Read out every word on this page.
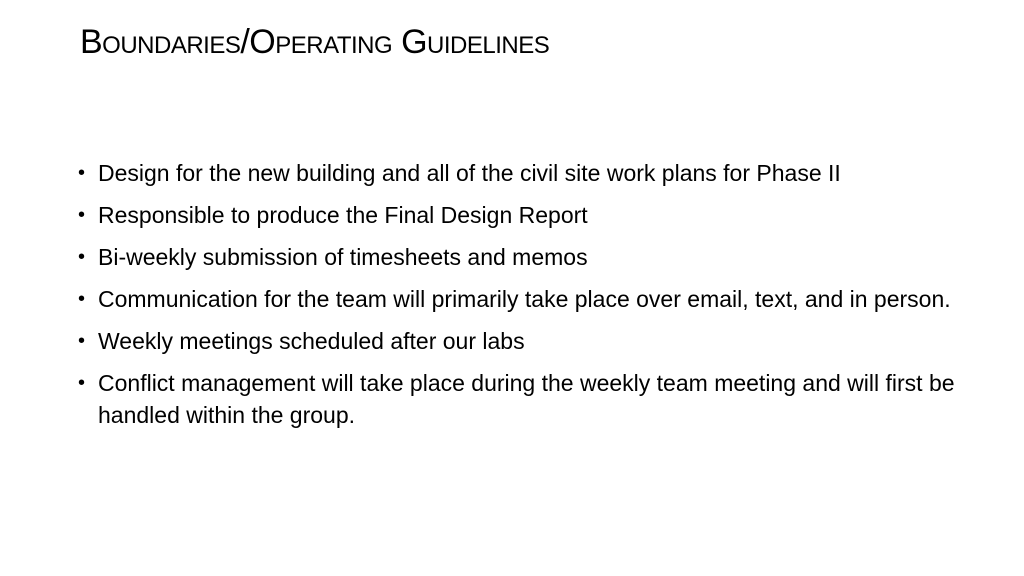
Boundaries/Operating Guidelines
• Design for the new building and all of the civil site work plans for Phase II
• Responsible to produce the Final Design Report
• Bi-weekly submission of timesheets and memos
• Communication for the team will primarily take place over email, text, and in person.
• Weekly meetings scheduled after our labs
• Conflict management will take place during the weekly team meeting and will first be handled within the group.
